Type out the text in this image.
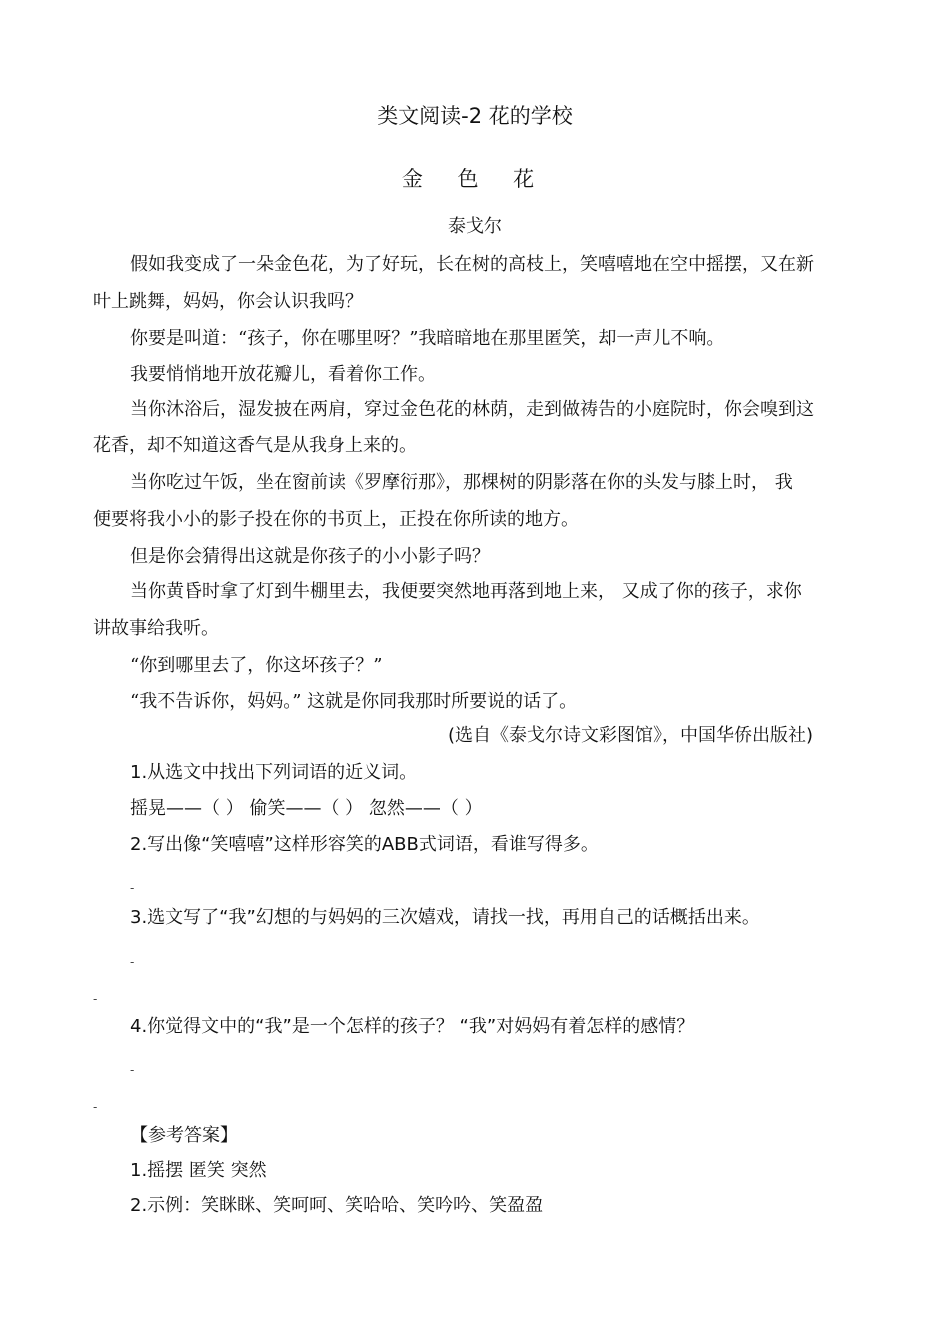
类文阅读-2 花的学校
金 色 花
泰戈尔
假如我变成了一朵金色花，为了好玩，长在树的高枝上，笑嘻嘻地在空中摇摆，又在新
叶上跳舞，妈妈，你会认识我吗？
你要是叫道：“孩子，你在哪里呀？”我暗暗地在那里匿笑，却一声儿不响。
我要悄悄地开放花瓣儿，看着你工作。
当你沐浴后，湿发披在两肩，穿过金色花的林荫，走到做祷告的小庭院时，你会嗅到这
花香，却不知道这香气是从我身上来的。
当你吃过午饭，坐在窗前读《罗摩衍那》，那棵树的阴影落在你的头发与膝上时， 我
便要将我小小的影子投在你的书页上，正投在你所读的地方。
但是你会猜得出这就是你孩子的小小影子吗？
当你黄昏时拿了灯到牛棚里去，我便要突然地再落到地上来， 又成了你的孩子，求你
讲故事给我听。
“你到哪里去了，你这坏孩子？”
“我不告诉你，妈妈。” 这就是你同我那时所要说的话了。
(选自《泰戈尔诗文彩图馆》，中国华侨出版社)
1.从选文中找出下列词语的近义词。
摇晃——（ ） 偷笑——（ ） 忽然——（ ）
2.写出像“笑嘻嘻”这样形容笑的ABB式词语，看谁写得多。
-
3.选文写了“我”幻想的与妈妈的三次嬉戏，请找一找，再用自己的话概括出来。
-
-
4.你觉得文中的“我”是一个怎样的孩子？ “我”对妈妈有着怎样的感情？
-
-
【参考答案】
1.摇摆 匿笑 突然
2.示例：笑眯眯、笑呵呵、笑哈哈、笑吟吟、笑盈盈
